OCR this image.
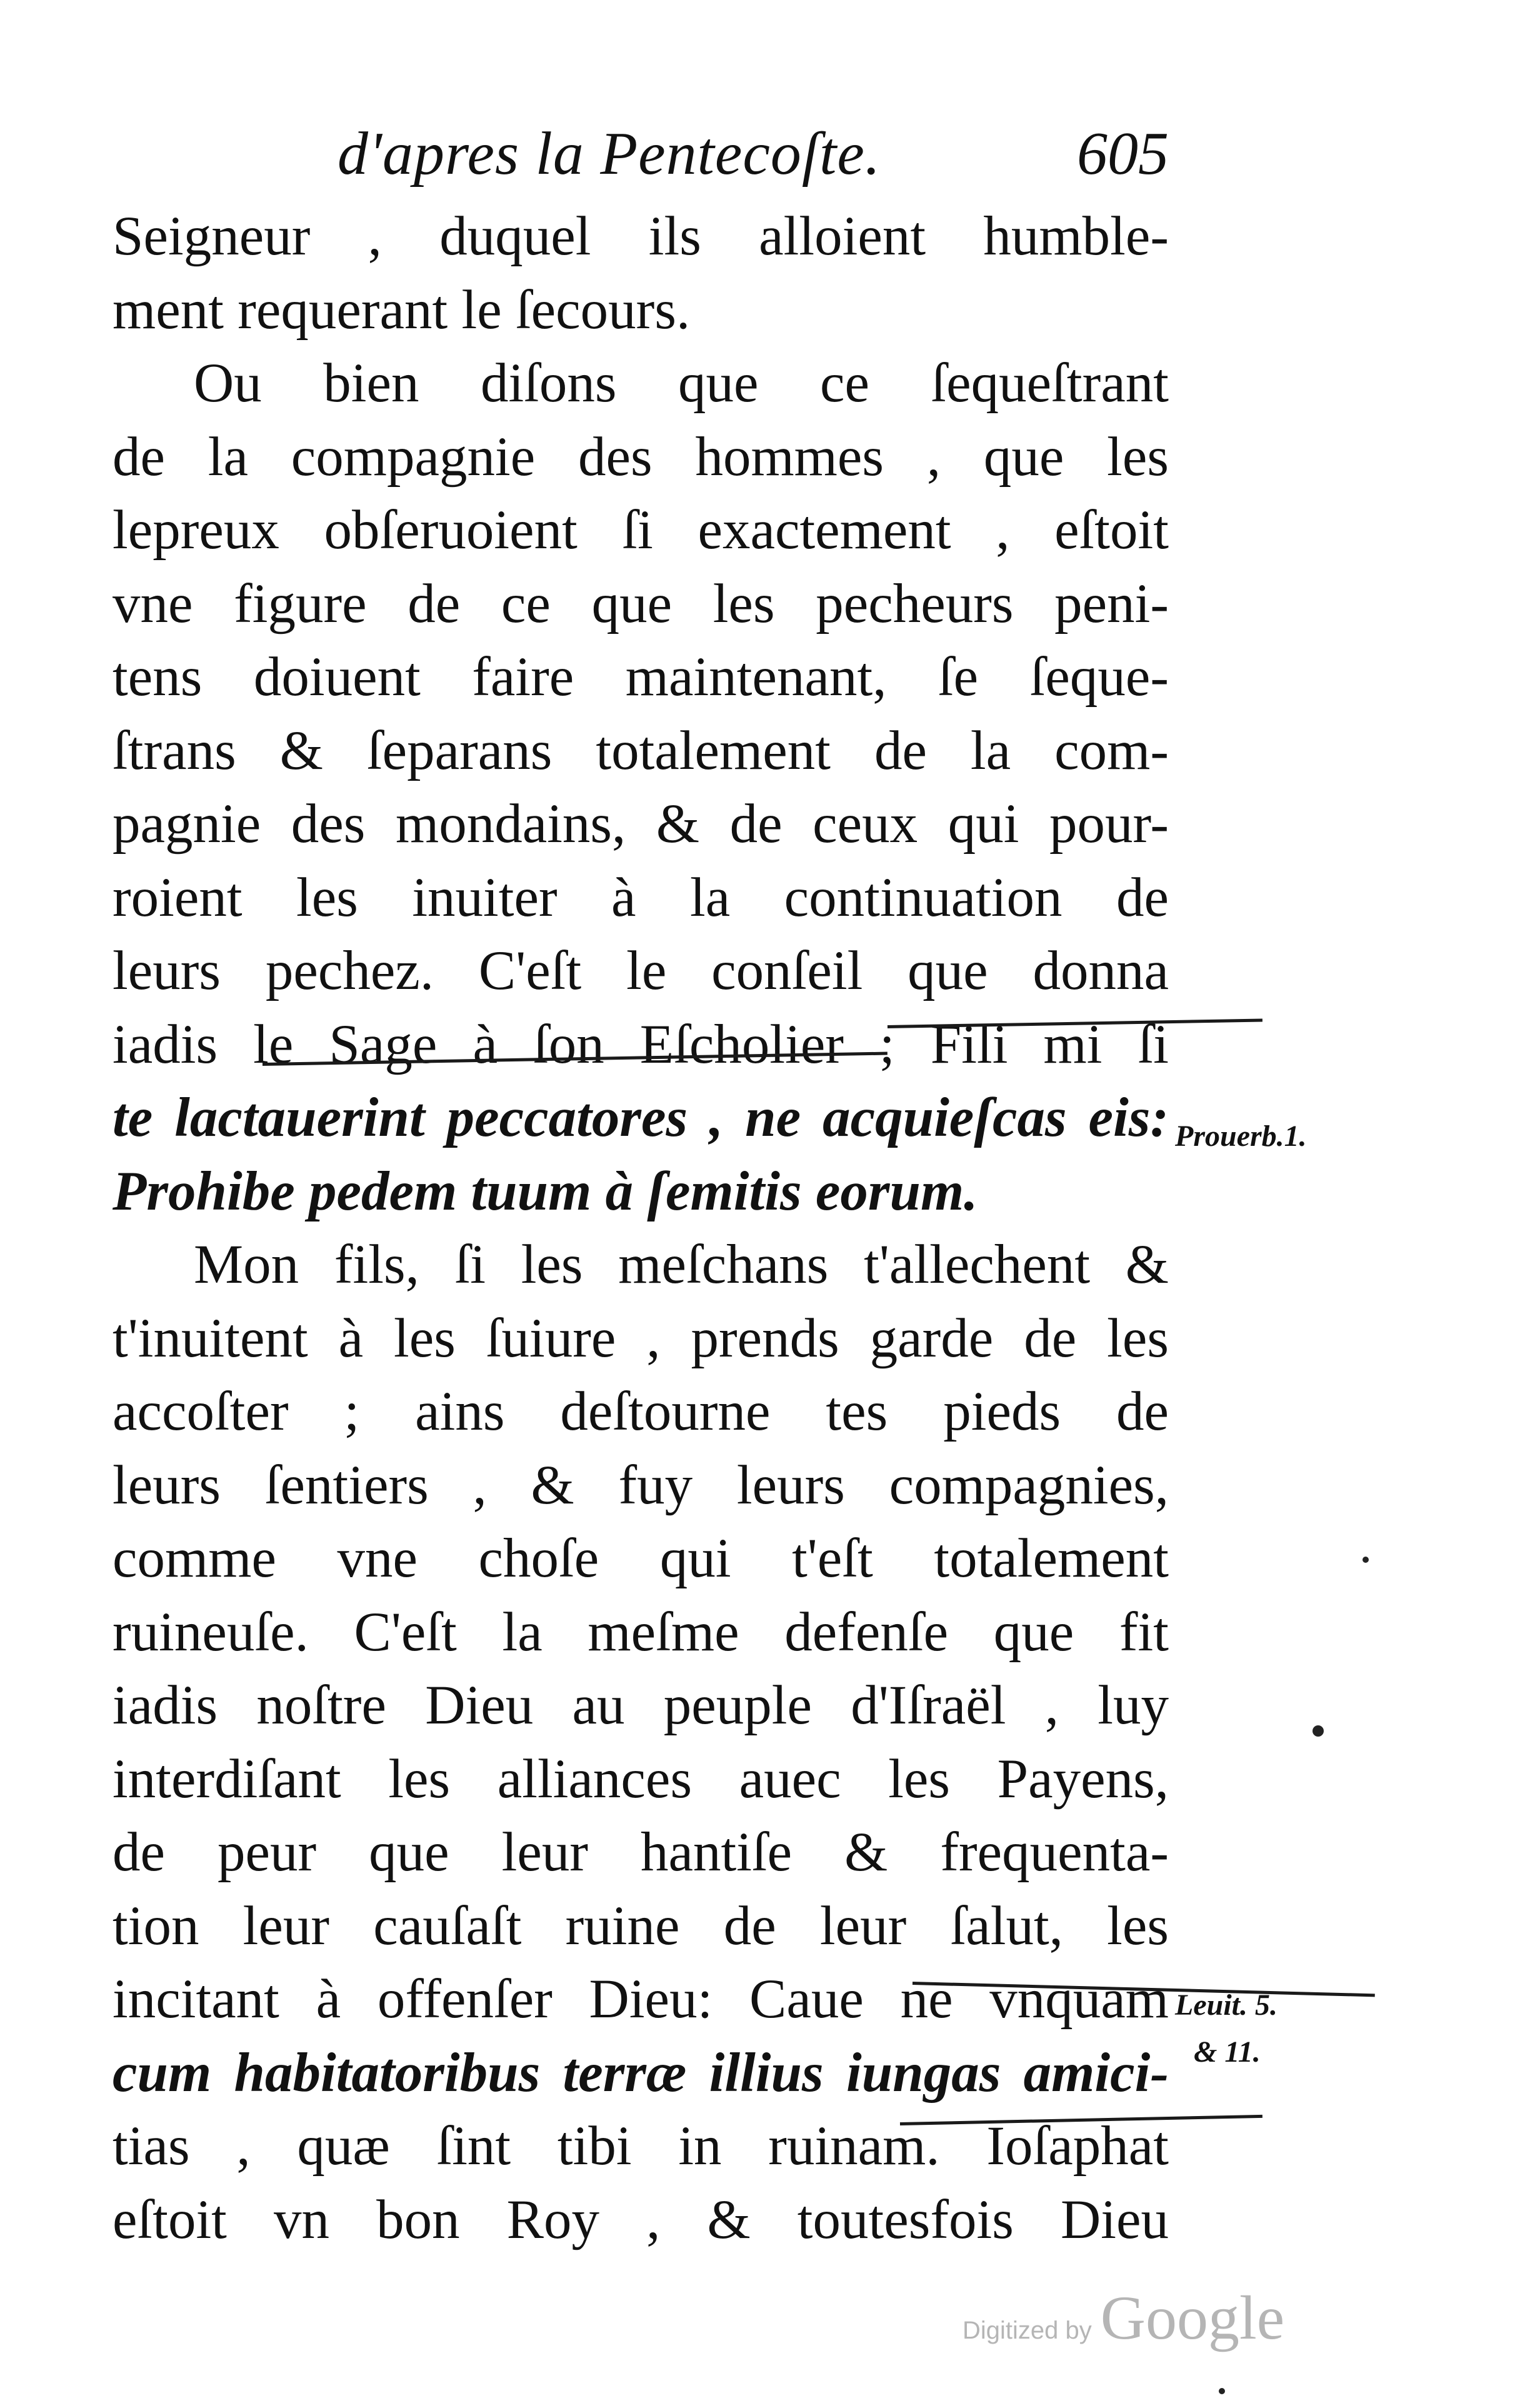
d'apres la Pentecoſte.	605
Seigneur , duquel ils alloient humble-
ment requerant le ſecours.
Ou bien diſons que ce ſequeſtrant
de la compagnie des hommes , que les
lepreux obſeruoient ſi exactement , eſtoit
vne figure de ce que les pecheurs peni-
tens doiuent faire maintenant, ſe ſeque-
ſtrans & ſeparans totalement de la com-
pagnie des mondains, & de ceux qui pour-
roient les inuiter à la continuation de
leurs pechez. C'eſt le conſeil que donna
iadis le Sage à ſon Eſcholier ; Fili mi ſi
te lactauerint peccatores , ne acquieſcas eis:
Prohibe pedem tuum à ſemitis eorum.
Mon fils, ſi les meſchans t'allechent &
t'inuitent à les ſuiure , prends garde de les
accoſter ; ains deſtourne tes pieds de
leurs ſentiers , & fuy leurs compagnies,
comme vne choſe qui t'eſt totalement
ruineuſe. C'eſt la meſme defenſe que fit
iadis noſtre Dieu au peuple d'Iſraël , luy
interdiſant les alliances auec les Payens,
de peur que leur hantiſe & frequenta-
tion leur cauſaſt ruine de leur ſalut, les
incitant à offenſer Dieu: Caue ne vnquam
cum habitatoribus terræ illius iungas amici-
tias , quæ ſint tibi in ruinam. Ioſaphat
eſtoit vn bon Roy , & toutesfois Dieu
Prouerb.1.
Leuit. 5.
& 11.
Digitized by Google
